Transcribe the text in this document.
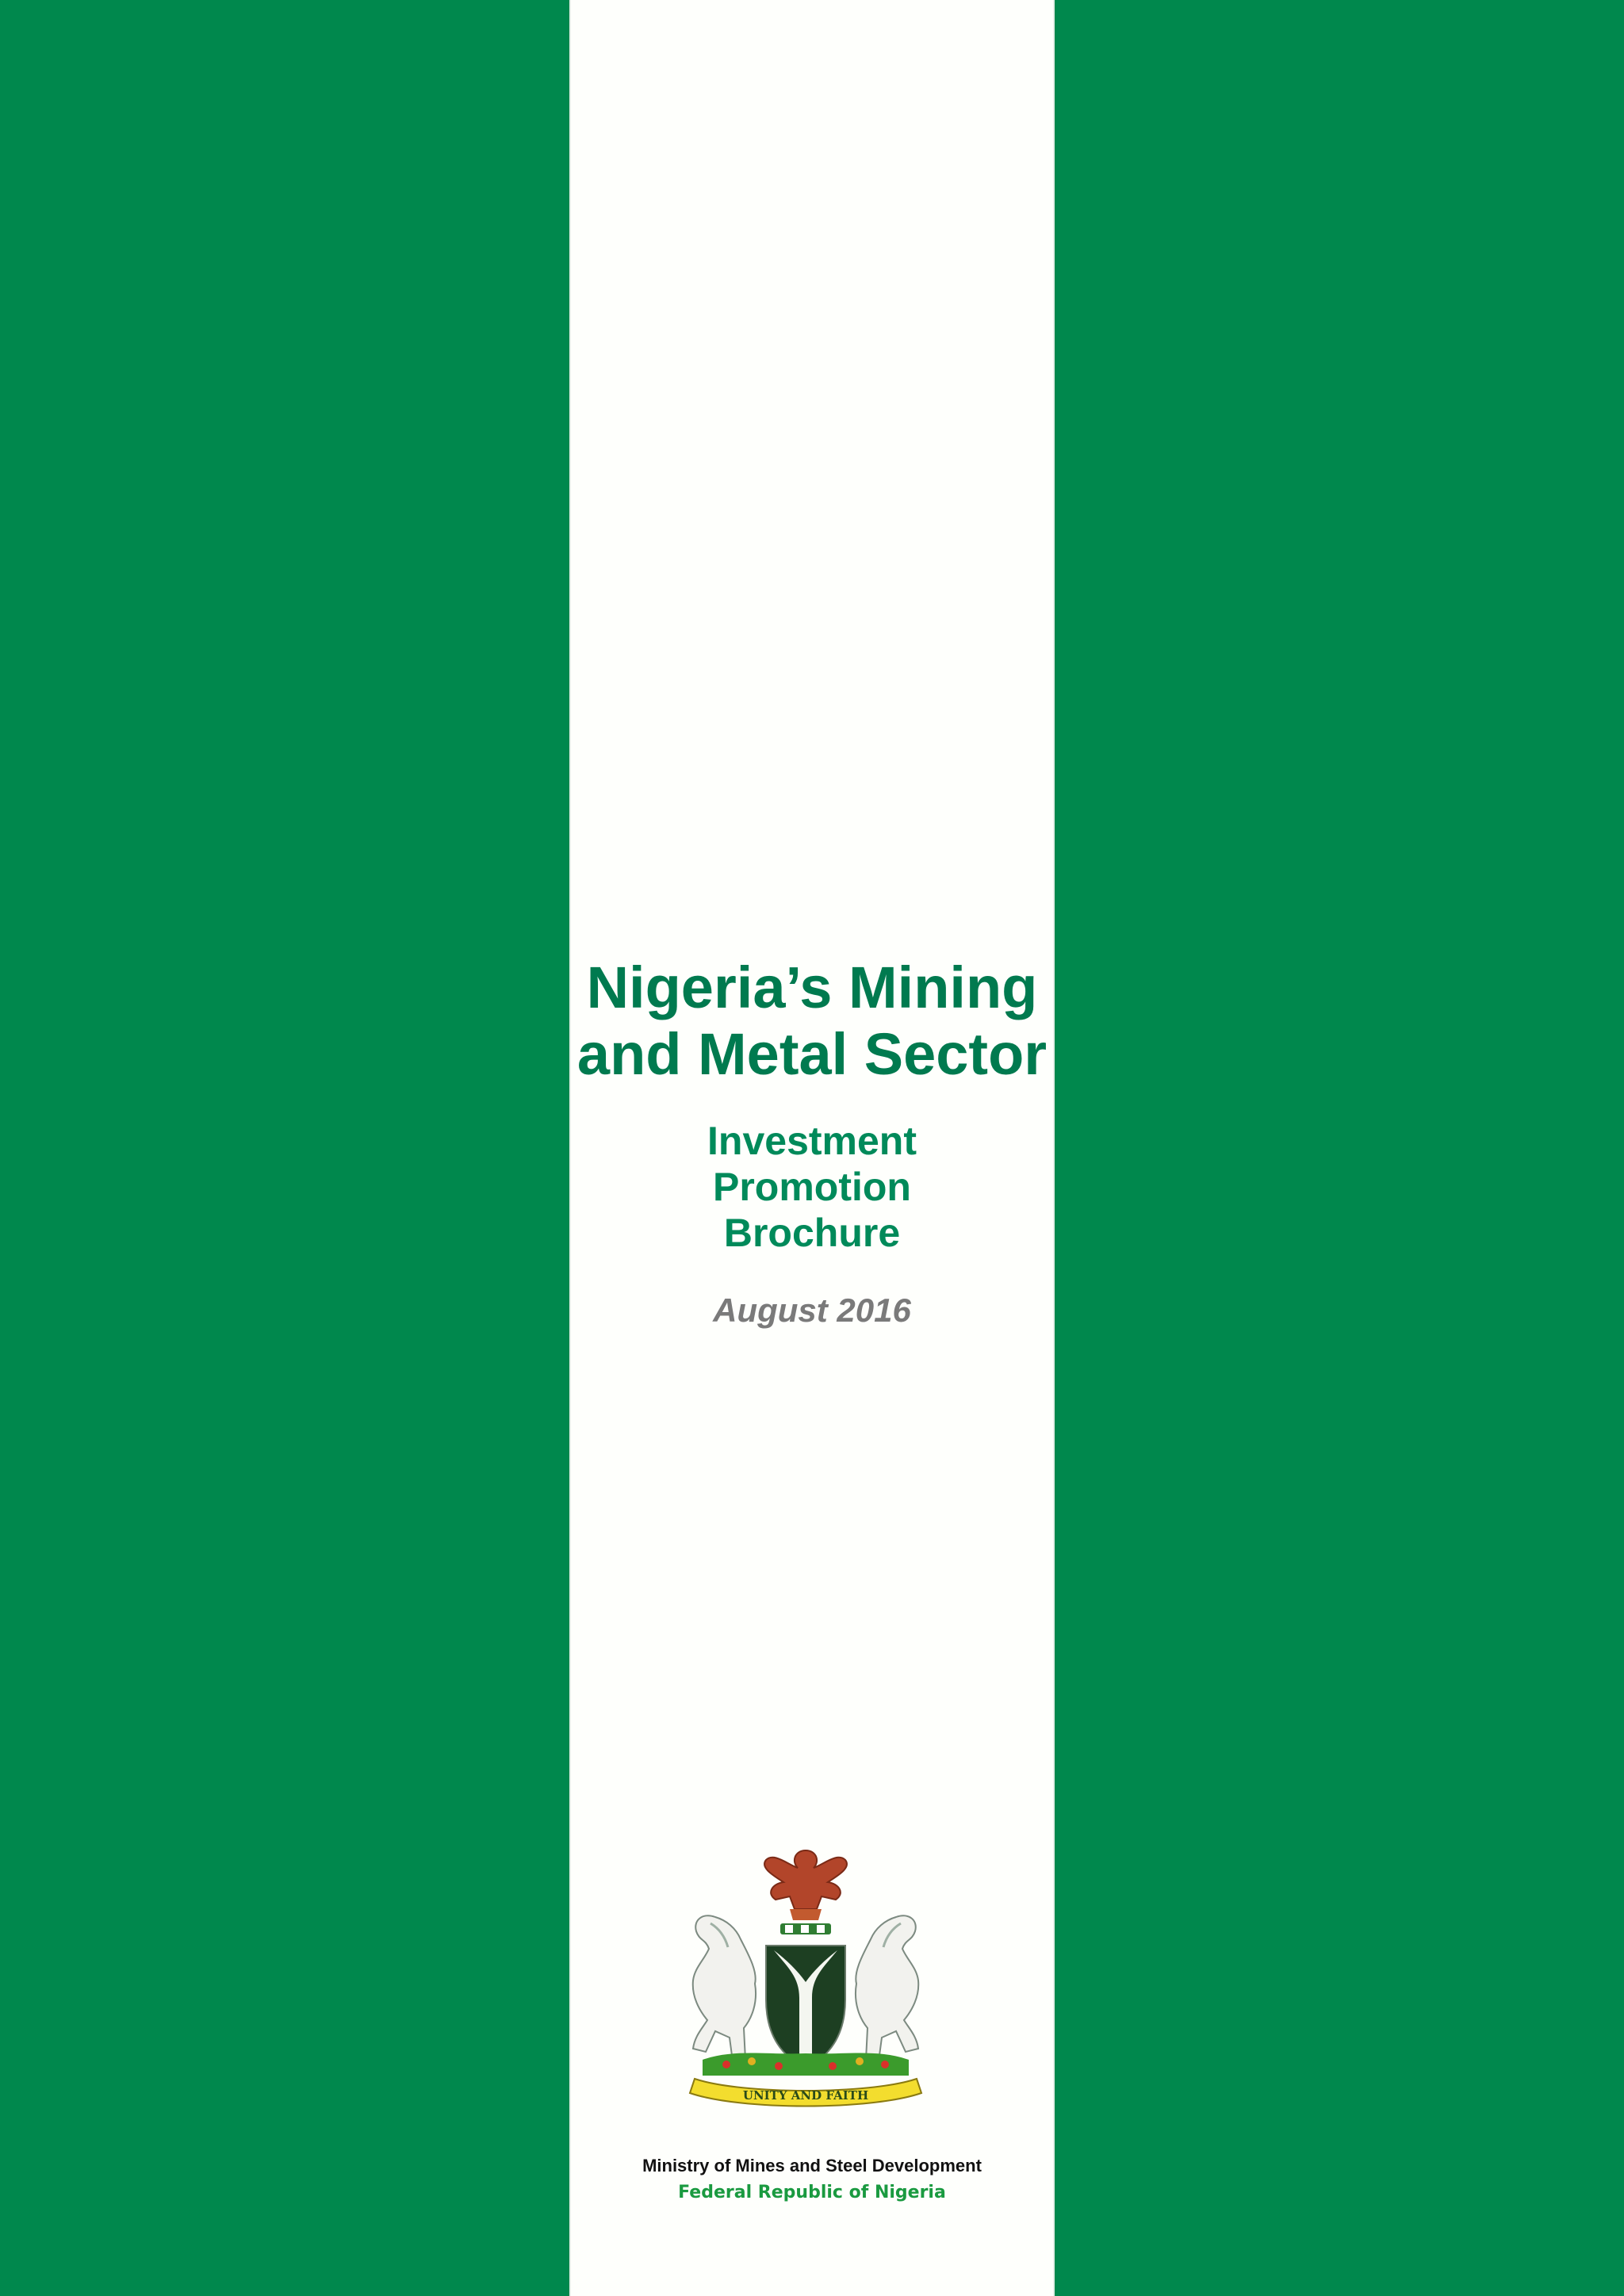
Nigeria’s Mining
and Metal Sector
Investment
Promotion
Brochure
August 2016
UNITY AND FAITH
Ministry of Mines and Steel Development
Federal Republic of Nigeria
